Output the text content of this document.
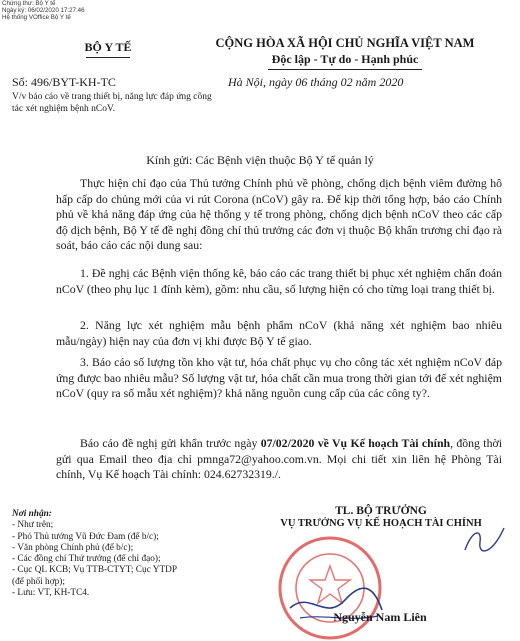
Chứng thư: Bộ Y tế
Ngày ký: 06/02/2020 17:27:46
Hệ thống VOffice Bộ Y tế
BỘ Y TẾ	CỘNG HÒA XÃ HỘI CHỦ NGHĨA VIỆT NAM
Độc lập - Tự do - Hạnh phúc
Số: 496/BYT-KH-TC	Hà Nội, ngày 06 tháng 02 năm 2020
V/v báo cáo về trang thiết bị, năng lực đáp ứng công tác xét nghiệm bệnh nCoV.
Kính gửi: Các Bệnh viện thuộc Bộ Y tế quản lý
Thực hiện chỉ đạo của Thủ tướng Chính phủ về phòng, chống dịch bệnh viêm đường hô hấp cấp do chủng mới của vi rút Corona (nCoV) gây ra. Để kịp thời tổng hợp, báo cáo Chính phủ về khả năng đáp ứng của hệ thống y tế trong phòng, chống dịch bệnh nCoV theo các cấp độ dịch bệnh, Bộ Y tế đề nghị đồng chí thủ trưởng các đơn vị thuộc Bộ khẩn trương chỉ đạo rà soát, báo cáo các nội dung sau:
1. Đề nghị các Bệnh viện thống kê, báo cáo các trang thiết bị phục xét nghiệm chẩn đoán nCoV (theo phụ lục 1 đính kèm), gồm: nhu cầu, số lượng hiện có cho từng loại trang thiết bị.
2. Năng lực xét nghiệm mẫu bệnh phẩm nCoV (khả năng xét nghiệm bao nhiêu mẫu/ngày) hiện nay của đơn vị khi được Bộ Y tế giao.
3. Báo cáo số lượng tồn kho vật tư, hóa chất phục vụ cho công tác xét nghiệm nCoV đáp ứng được bao nhiêu mẫu? Số lượng vật tư, hóa chất cần mua trong thời gian tới để xét nghiệm nCoV (quy ra số mẫu xét nghiệm)? khả năng nguồn cung cấp của các công ty?.
Báo cáo đề nghị gửi khẩn trước ngày 07/02/2020 về Vụ Kế hoạch Tài chính, đồng thời gửi qua Email theo địa chỉ pmnga72@yahoo.com.vn. Mọi chi tiết xin liên hệ Phòng Tài chính, Vụ Kế hoạch Tài chính: 024.62732319./.
Nơi nhận:
- Như trên;
- Phó Thủ tướng Vũ Đức Đam (để b/c);
- Văn phòng Chính phủ (để b/c);
- Các đồng chí Thứ trưởng (để chỉ đạo);
- Cục QL KCB; Vụ TTB-CTYT; Cục YTDP
(để phối hợp);
- Lưu: VT, KH-TC4.
TL. BỘ TRƯỞNG
VỤ TRƯỞNG VỤ KẾ HOẠCH TÀI CHÍNH
Nguyễn Nam Liên
